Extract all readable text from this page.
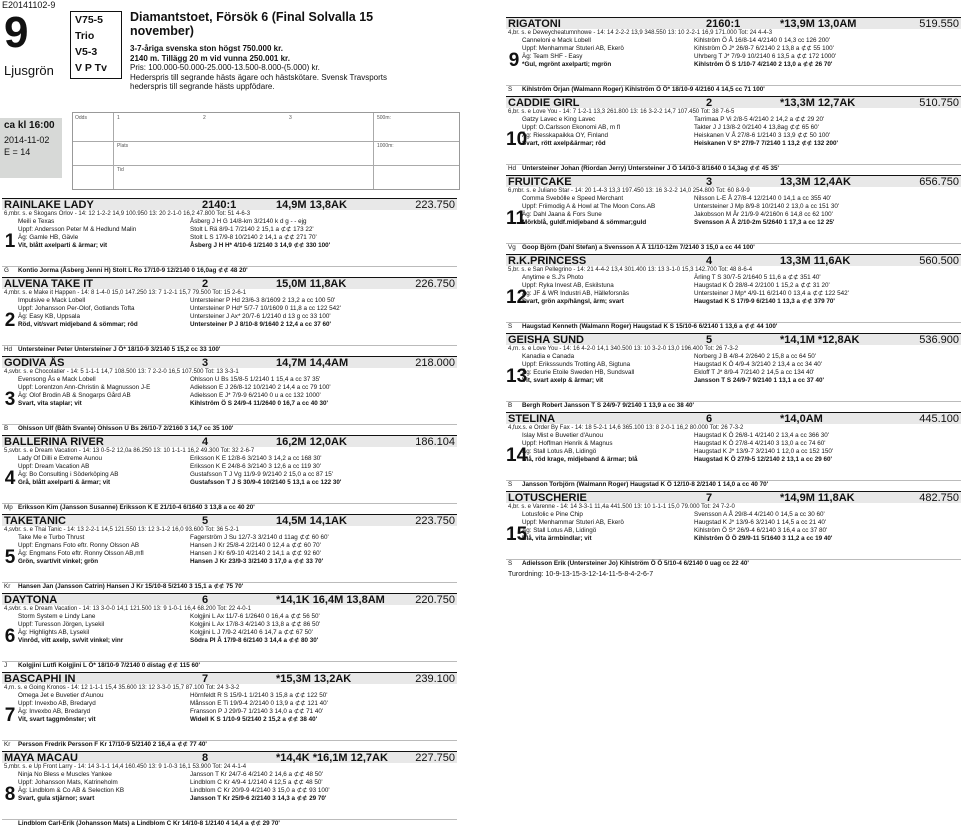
E20141102-9
9
Ljusgrön
V75-5
Trio
V5-3
V P Tv
Diamantstoet, Försök 6 (Final Solvalla 15 november)
3-7-åriga svenska ston högst 750.000 kr.
2140 m. Tillägg 20 m vid vunna 250.001 kr.
Pris: 100.000-50.000-25.000-13.500-8.000-(5.000) kr.
Hederspris till segrande hästs ägare och hästskötare. Svensk Travsports
hederspris till segrande hästs uppfödare.
ca kl 16:00
2014-11-02
E = 14
Odds	1	2	3
Plats
Tid
500m:
1000m:
RAINLAKE LADY	2140:1	14,9M 13,8AK	223.750
6,mbr. s. e Skogans Orlov - 14: 12 1-2-2 14,9 100.950 13: 20 2-1-0 16,2 47.800 Tot: 51 4-6-3
1
Meili e Texas	Åsberg J H G 14/8-km 3/2140 k d g - - ejg
Uppf: Andersson Peter M & Hedlund Malin	Stolt L Rä 8/9-1 7/2140 2 15,1 a ⊄⊄ 173 22'
Äg: Gamle HB, Gävle	Stolt L S 17/9-8 10/2140 2 14,1 a ⊄⊄ 271 70'
Vit, blått axelparti & ärmar; vit	Åsberg J H H* 4/10-6 1/2140 3 14,9 ⊄⊄ 330 100'
G	Kontio Jorma (Åsberg Jenni H) Stolt L Ro 17/10-9 12/2140 0 16,0ag ⊄⊄ 48 20'
ALVENA TAKE IT	2	15,0M 11,8AK	226.750
4,mbr. s. e Make it Happen - 14: 8 1-4-0 15,0 147.250 13: 7 1-2-1 15,7 79.500 Tot: 15 2-6-1
2
Impulsive e Mack Lobell	Untersteiner P Hd 23/6-3 8/1609 2 13,2 a cc 100 50'
Uppf: Johansson Per-Olof, Gotlands Tofta	Untersteiner P Hd* 5/7-7 10/1609 0 11,8 a cc 122 542'
Äg: Easy KB, Uppsala	Untersteiner J Ax* 20/7-6 1/2140 d 13 g cc 33 100'
Röd, vit/svart midjeband & sömmar; röd	Untersteiner P J 8/10-8 9/1640 2 12,4 a cc 37 60'
Hd Untersteiner Peter Untersteiner J Ö* 18/10-9 3/2140 5 15,2 cc 33 100'
GODIVA ÅS	3	14,7M 14,4AM	218.000
4,svbr. s. e Chocolatier - 14: 5 1-1-1 14,7 108.500 13: 7 2-2-0 16,5 107.500 Tot: 13 3-3-1
3
Evensong Ås e Mack Lobell	Ohlsson U Bs 15/8-5 1/2140 1 15,4 a cc 37 35'
Uppf: Lorentzon Ann-Christin & Magnusson J-E	Adielsson E J 26/8-12 10/2140 2 14,4 a cc 79 100'
Äg: Olof Brodin AB & Snogarps Gård AB	Adielsson E J* 7/9-9 6/2140 0 u a cc 132 1000'
Svart, vita staplar; vit	Kihlström Ö S 24/9-4 11/2640 0 16,7 a cc 40 30'
B	Ohlsson Ulf (Båth Svante) Ohlsson U Bs 26/10-7 2/2160 3 14,7 cc 35 100'
BALLERINA RIVER	4	16,2M 12,0AK	186.104
5,svbr. s. e Dream Vacation - 14: 13 0-5-2 12,0a 86.250 13: 10 1-1-1 16,2 49.300 Tot: 32 2-6-7
4
Lady Of Dilli e Extreme Aunou	Eriksson K E 12/8-6 3/2140 3 14,2 a cc 168 30'
Uppf: Dream Vacation AB	Eriksson K E 24/8-6 3/2140 3 12,6 a cc 119 30'
Äg: Bo Consulting i Söderköping AB	Gustafsson T J Vg 11/9-9 9/2140 2 15,0 a cc 87 15'
Grå, blått axelparti & ärmar; vit	Gustafsson T J S 30/9-4 10/2140 5 13,1 a cc 122 30'
Mp Eriksson Kim (Jansson Susanne) Eriksson K E 21/10-4 6/1640 3 13,8 a cc 40 20'
TAKETANIC	5	14,5M 14,1AK	223.750
4,svbr. s. e Thai Tanic - 14: 13 2-2-1 14,5 121.550 13: 12 3-1-2 16,0 93.600 Tot: 36 5-2-1
5
Take Me e Turbo Thrust	Fagerström J Su 12/7-3 3/2140 d 11ag ⊄⊄ 60 60'
Uppf: Engmans Foto eftr. Ronny Olsson AB	Hansen J Kr 25/8-4 2/2140 0 12,4 a ⊄⊄ 60 70'
Äg: Engmans Foto eftr. Ronny Olsson AB,mfl	Hansen J Kr 6/9-10 4/2140 2 14,1 a ⊄⊄ 92 60'
Grön, svart/vit vinkel; grön	Hansen J Kr 23/9-3 3/2140 3 17,0 a ⊄⊄ 33 70'
Kr	Hansen Jan (Jansson Catrin) Hansen J Kr 15/10-8 5/2140 3 15,1 a ⊄⊄ 75 70'
DAYTONA	6	*14,1K 16,4M 13,8AM	220.750
4,svbr. s. e Dream Vacation - 14: 13 3-0-0 14,1 121.500 13: 9 1-0-1 16,4 68.200 Tot: 22 4-0-1
6
Storm System e Lindy Lane	Kolgjini L Ax 11/7-6 1/2640 0 16,4 a ⊄⊄ 56 50'
Uppf: Turesson Jörgen, Lysekil	Kolgjini L Ax 17/8-3 4/2140 3 13,8 a ⊄⊄ 86 50'
Äg: Highlights AB, Lysekil	Kolgjini L J 7/9-2 4/2140 6 14,7 a ⊄⊄ 67 50'
Vinröd, vitt axelp, sv/vit vinkel; vinr	Södra Pl Å 17/9-8 6/2140 3 14,4 a ⊄⊄ 80 30'
J	Kolgjini Lutfi Kolgjini L Ö* 18/10-9 7/2140 0 distag ⊄⊄ 115 60'
BASCAPHI IN	7	*15,3M 13,2AK	239.100
4,rn. s. e Going Kronos - 14: 12 1-1-1 15,4 35.600 13: 12 3-3-0 15,7 87.100 Tot: 24 3-3-2
7
Omega Jet e Buvetier d'Aunou	Hörnfeldt R S 15/9-1 1/2140 3 15,8 a ⊄⊄ 122 50'
Uppf: Invexbo AB, Bredaryd	Månsson E Ti 19/9-4 2/2140 0 13,9 a ⊄⊄ 121 40'
Äg: Invexbo AB, Bredaryd	Fransson P J 29/9-7 1/2140 3 14,0 a ⊄⊄ 71 40'
Vit, svart taggmönster; vit	Widell K S 1/10-9 5/2140 2 15,2 a ⊄⊄ 38 40'
Kr	Persson Fredrik Persson F Kr 17/10-9 5/2140 2 16,4 a ⊄⊄ 77 40'
MAYA MACAU	8	*14,4K *16,1M 12,7AK	227.750
5,mbr. s. e Up Front Larry - 14: 14 3-1-1 14,4 160.450 13: 9 1-0-3 16,1 53.900 Tot: 24 4-1-4
8
Ninja No Bless e Muscles Yankee	Jansson T Kr 24/7-6 4/2140 2 14,6 a ⊄⊄ 48 50'
Uppf: Johansson Mats, Katrineholm	Lindblom C Kr 4/9-4 1/2140 4 12,5 a ⊄⊄ 48 50'
Äg: Lindblom & Co AB & Selection KB	Lindblom C Kr 20/9-9 4/2140 3 15,0 a ⊄⊄ 93 100'
Svart, gula stjärnor; svart	Jansson T Kr 25/9-6 2/2140 3 14,3 a ⊄⊄ 29 70'
Lindblom Carl-Erik (Johansson Mats) a Lindblom C Kr 14/10-8 1/2140 4 14,4 a ⊄⊄ 29 70'
RIGATONI	2160:1	*13,9M 13,0AM	519.550
4,br. s. e Deweycheatumnhowe - 14: 14 2-2-2 13,9 348.550 13: 10 2-2-1 16,9 171.000 Tot: 24 4-4-3
9
Canneloni e Mack Lobell	Kihlström Ö Å 16/8-14 4/2140 0 14,3 cc 126 200'
Uppf: Menhammar Stuteri AB, Ekerö	Kihlström Ö J* 26/8-7 6/2140 2 13,8 a ⊄⊄ 55 100'
Äg: Team SHF - Easy	Uhrberg T J* 7/9-9 10/2140 6 13,5 a ⊄⊄ 172 1000'
*Gul, mgrönt axelparti; mgrön	Kihlström Ö S 1/10-7 4/2140 2 13,0 a ⊄⊄ 26 70'
S	Kihlström Örjan (Walmann Roger) Kihlström Ö Ö* 18/10-9 4/2160 4 14,5 cc 71 100'
CADDIE GIRL	2	*13,3M 12,7AK	510.750
6,br. s. e Love You - 14: 7 1-2-1 13,3 261.800 13: 16 3-2-2 14,7 107.450 Tot: 38 7-6-5
10
Gatzy Lavec e King Lavec	Tarrimaa P Vi 2/8-5 4/2140 2 14,2 a ⊄⊄ 29 20'
Uppf: O.Carlsson Ekonomi AB, m fl	Takter J J 13/8-2 0/2140 4 13,8ag ⊄⊄ 65 60'
Äg: Riesskapaikka OY, Finland	Heiskanen V Å 27/8-6 1/2140 3 13,9 ⊄⊄ 50 100'
Svart, rött axelp&ärmar; röd	Heiskanen V S* 27/9-7 7/2140 1 13,2 ⊄⊄ 132 200'
Hd Untersteiner Johan (Riordan Jerry) Untersteiner J Ö 14/10-3 8/1640 0 14,3ag ⊄⊄ 45 35'
FRUITCAKE	3	13,3M 12,4AK	656.750
6,mbr. s. e Juliano Star - 14: 20 1-4-3 13,3 197.450 13: 16 3-2-2 14,0 254.800 Tot: 60 8-9-9
11
Comma Svebölle e Speed Merchant	Nilsson L-E Å 27/8-4 12/2140 0 14,1 a cc 355 40'
Uppf: Friimodig A & Howl at The Moon Cons.AB	Untersteiner J Mp 8/9-8 10/2140 2 13,0 a cc 151 30'
Äg: Dahl Jaana & Fors Sune	Jakobsson M År 21/9-9 4/2160n 6 14,8 cc 62 100'
Mörkblå, guldf.midjeband & sömmar;guld	Svensson A Å 2/10-2m 5/2640 1 17,3 a cc 12 25'
Vg Goop Björn (Dahl Stefan) a Svensson A Å 11/10-12m 7/2140 3 15,0 a cc 44 100'
R.K.PRINCESS	4	13,3M 11,6AK	560.500
5,br. s. e San Pellegrino - 14: 21 4-4-2 13,4 301.400 13: 13 3-1-0 15,3 142.700 Tot: 48 8-6-4
12
Anytime e S.J's Photo	Ärling T S 30/7-5 2/1640 5 11,6 a ⊄⊄ 351 40'
Uppf: Ryka Invest AB, Eskilstuna	Haugstad K Ö 28/8-4 2/2100 1 15,2 a ⊄⊄ 31 20'
Äg: JF & WR Industri AB, Hälleforsnäs	Untersteiner J Mp* 4/9-11 6/2140 0 13,4 a ⊄⊄ 122 542'
Svart, grön axp/hängsl, ärm; svart	Haugstad K S 17/9-9 6/2140 1 13,3 a ⊄⊄ 379 70'
S	Haugstad Kenneth (Walmann Roger) Haugstad K S 15/10-6 6/2140 1 13,6 a ⊄⊄ 44 100'
GEISHA SUND	5	*14,1M *12,8AK	536.900
4,rn. s. e Love You - 14: 16 4-2-0 14,1 340.500 13: 10 3-2-0 13,0 196.400 Tot: 26 7-3-2
13
Kanadia e Canada	Norberg J B 4/8-4 2/2640 2 15,8 a cc 64 50'
Uppf: Eriksssunds Trotting AB, Sigtuna	Haugstad K Ö 4/9-4 3/2140 2 13,4 a cc 34 40'
Äg: Ecurie Etoile Sweden HB, Sundsvall	Ekloff T J* 8/9-4 7/2140 2 14,5 a cc 134 40'
Vit, svart axelp & ärmar; vit	Jansson T S 24/9-7 9/2140 1 13,1 a cc 37 40'
B	Bergh Robert Jansson T S 24/9-7 9/2140 1 13,9 a cc 38 40'
STELINA	6	*14,0AM	445.100
4,fux.s. e Order By Fax - 14: 18 5-2-1 14,6 365.100 13: 8 2-0-1 16,2 80.000 Tot: 26 7-3-2
14
Islay Mist e Buvetier d'Aunou	Haugstad K Ö 26/8-1 4/2140 2 13,4 a cc 366 30'
Uppf: Hoffman Henrik & Magnus	Haugstad K Ö 27/8-4 4/2140 3 13,0 a cc 74 60'
Äg: Stall Lotus AB, Lidingö	Haugstad K J* 13/9-7 3/2140 1 12,0 a cc 152 150'
Blå, röd krage, midjeband & ärmar; blå	Haugstad K Ö 27/9-5 12/2140 2 13,1 a cc 29 60'
S	Jansson Torbjörn (Walmann Roger) Haugstad K Ö 12/10-8 2/2140 1 14,0 a cc 40 70'
LOTUSCHERIE	7	*14,9M 11,8AK	482.750
4,br. s. e Varenne - 14: 14 3-3-1 11,4a 441.500 13: 10 1-1-1 15,0 79.000 Tot: 24 7-2-0
15
Lotusfolic e Pine Chip	Svensson A Å 29/8-4 4/2140 0 14,5 a cc 30 60'
Uppf: Menhammar Stuteri AB, Ekerö	Haugstad K J* 13/9-6 3/2140 1 14,5 a cc 21 40'
Äg: Stall Lotus AB, Lidingö	Kihlström Ö S* 26/9-4 6/2140 3 16,4 a cc 37 80'
Blå, vita ärmbindlar; vit	Kihlström Ö Ö 29/9-11 5/1640 3 11,2 a cc 19 40'
S	Adielsson Erik (Untersteiner Jo) Kihlström Ö Ö 5/10-4 6/2140 0 uag cc 22 40'
Turordning: 10-9-13-15-3-12-14-11-5-8-4-2-6-7
